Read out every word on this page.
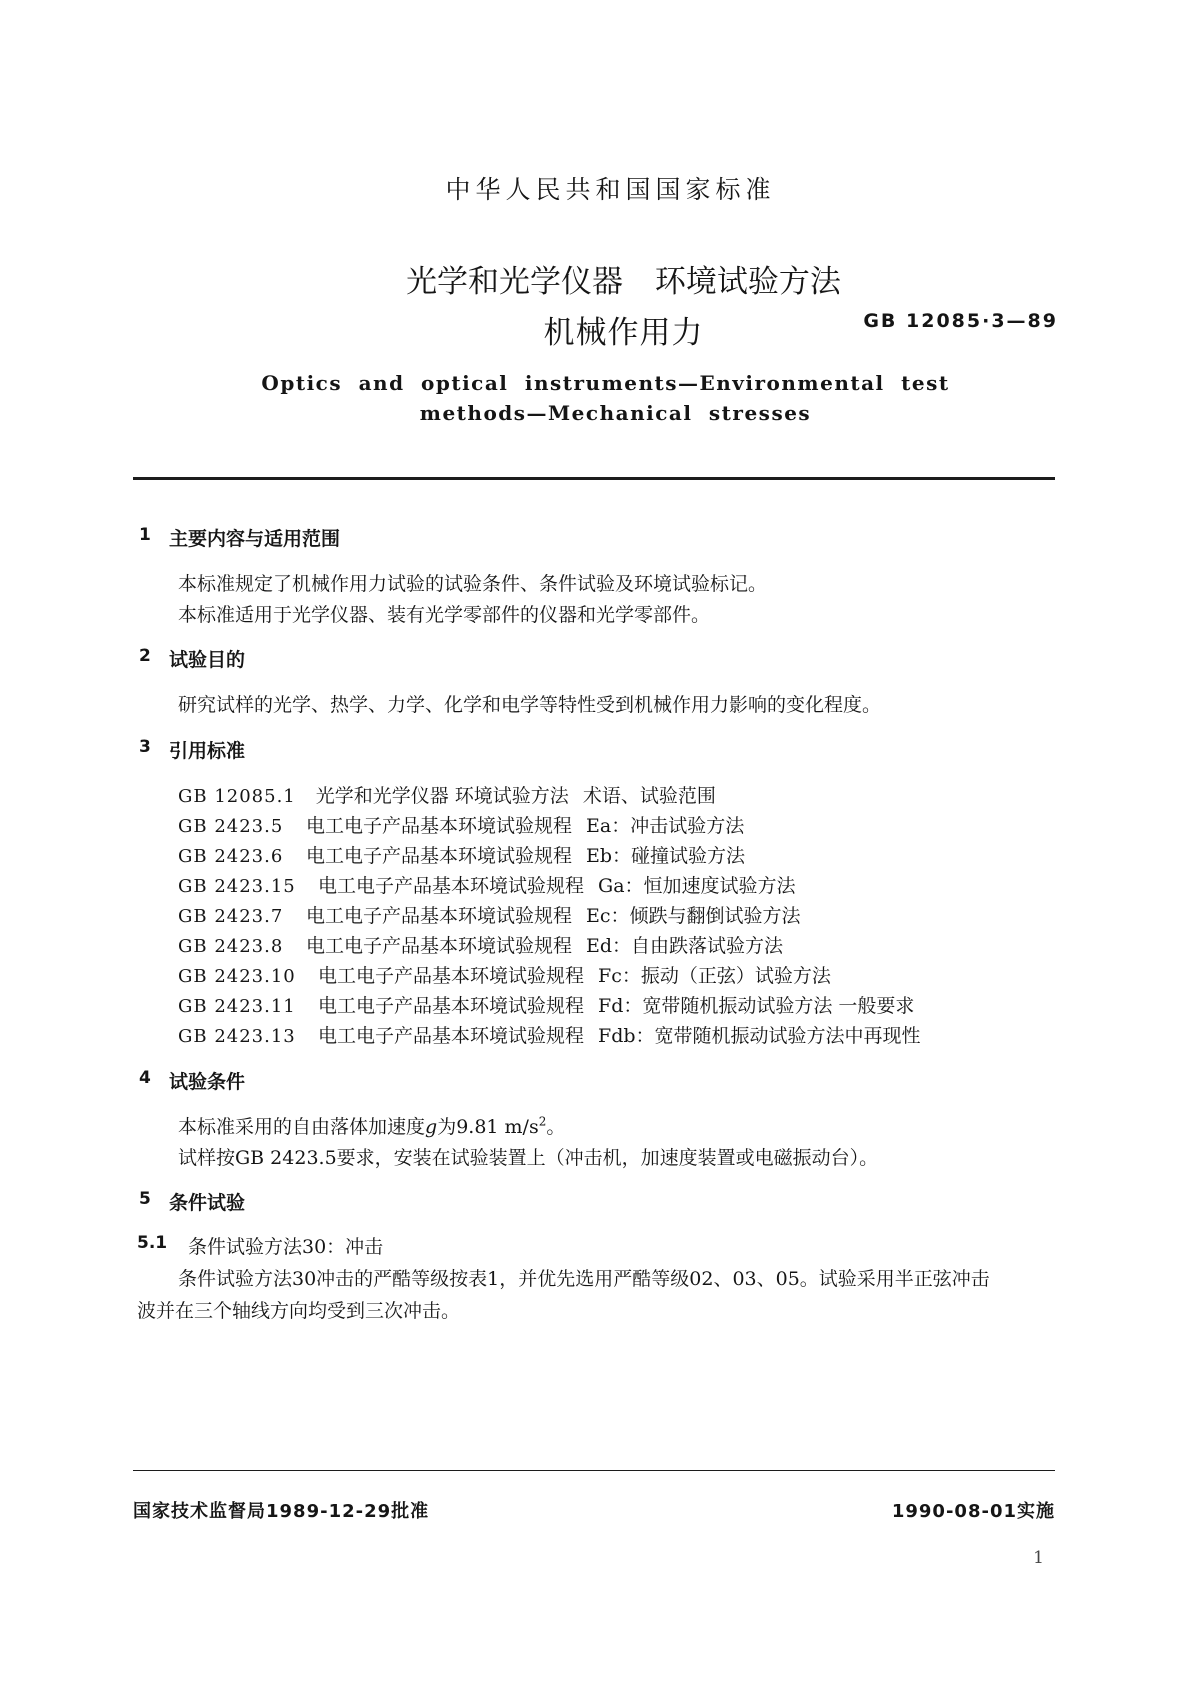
中华人民共和国国家标准
光学和光学仪器 环境试验方法
机械作用力	GB 12085·3—89
Optics and optical instruments—Environmental test
methods—Mechanical stresses
1 主要内容与适用范围
本标准规定了机械作用力试验的试验条件、条件试验及环境试验标记。
本标准适用于光学仪器、装有光学零部件的仪器和光学零部件。
2 试验目的
研究试样的光学、热学、力学、化学和电学等特性受到机械作用力影响的变化程度。
3 引用标准
GB 12085.1 光学和光学仪器 环境试验方法 术语、试验范围
GB 2423.5 电工电子产品基本环境试验规程 Ea：冲击试验方法
GB 2423.6 电工电子产品基本环境试验规程 Eb：碰撞试验方法
GB 2423.15 电工电子产品基本环境试验规程 Ga：恒加速度试验方法
GB 2423.7 电工电子产品基本环境试验规程 Ec：倾跌与翻倒试验方法
GB 2423.8 电工电子产品基本环境试验规程 Ed：自由跌落试验方法
GB 2423.10 电工电子产品基本环境试验规程 Fc：振动（正弦）试验方法
GB 2423.11 电工电子产品基本环境试验规程 Fd：宽带随机振动试验方法 一般要求
GB 2423.13 电工电子产品基本环境试验规程 Fdb：宽带随机振动试验方法中再现性
4 试验条件
本标准采用的自由落体加速度g为9.81 $m/s^2$。
试样按GB 2423.5要求，安装在试验装置上（冲击机，加速度装置或电磁振动台）。
5 条件试验
5.1 条件试验方法30：冲击
条件试验方法30冲击的严酷等级按表1，并优先选用严酷等级02、03、05。试验采用半正弦冲击
波并在三个轴线方向均受到三次冲击。
国家技术监督局1989-12-29批准	1990-08-01实施
1
